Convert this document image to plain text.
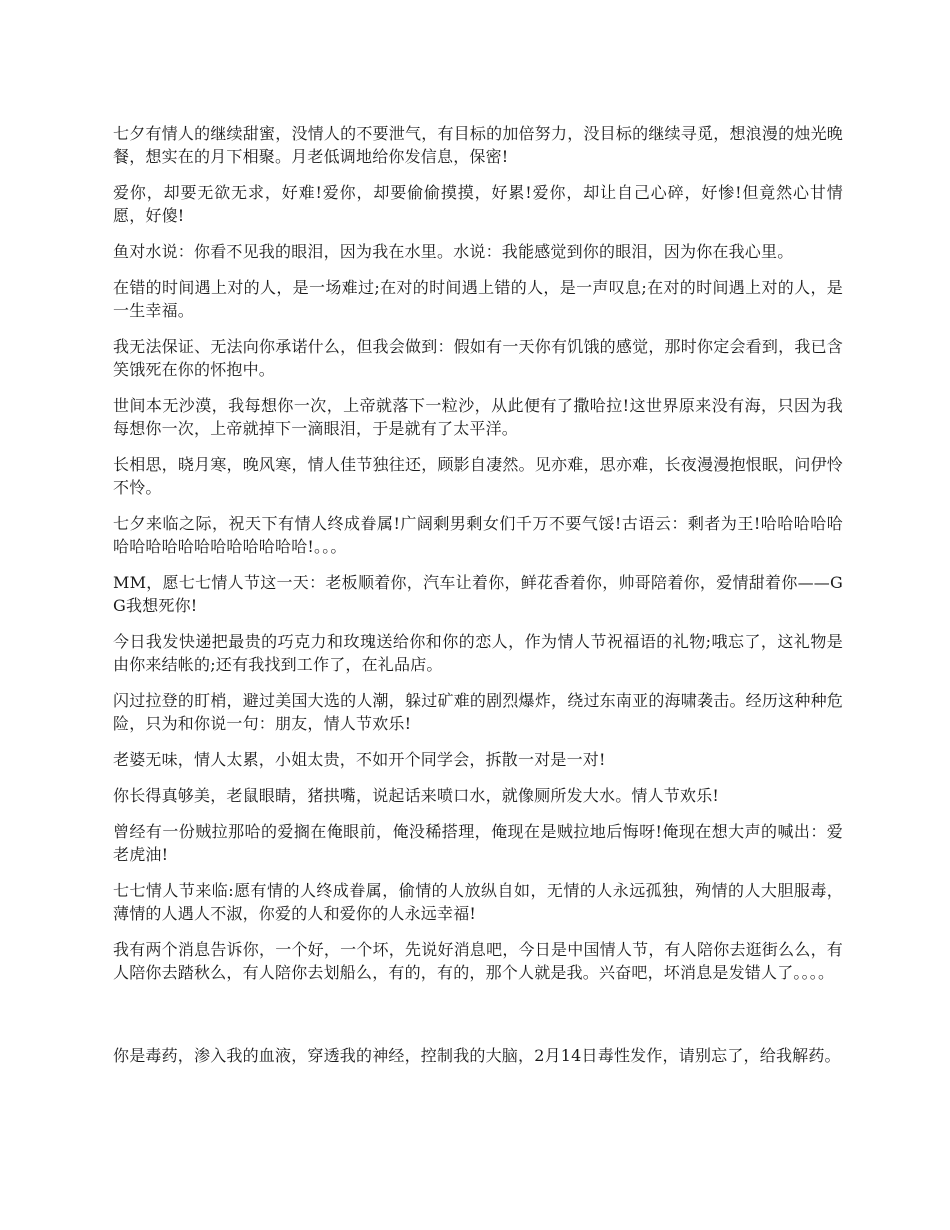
七夕有情人的继续甜蜜，没情人的不要泄气，有目标的加倍努力，没目标的继续寻觅，想浪漫的烛光晚餐，想实在的月下相聚。月老低调地给你发信息，保密!

爱你，却要无欲无求，好难!爱你，却要偷偷摸摸，好累!爱你，却让自己心碎，好惨!但竟然心甘情愿，好傻!

鱼对水说：你看不见我的眼泪，因为我在水里。水说：我能感觉到你的眼泪，因为你在我心里。

在错的时间遇上对的人，是一场难过;在对的时间遇上错的人，是一声叹息;在对的时间遇上对的人，是一生幸福。

我无法保证、无法向你承诺什么，但我会做到：假如有一天你有饥饿的感觉，那时你定会看到，我已含笑饿死在你的怀抱中。

世间本无沙漠，我每想你一次，上帝就落下一粒沙，从此便有了撒哈拉!这世界原来没有海，只因为我每想你一次，上帝就掉下一滴眼泪，于是就有了太平洋。

长相思，晓月寒，晚风寒，情人佳节独往还，顾影自凄然。见亦难，思亦难，长夜漫漫抱恨眠，问伊怜不怜。

七夕来临之际，祝天下有情人终成眷属!广阔剩男剩女们千万不要气馁!古语云：剩者为王!哈哈哈哈哈哈哈哈哈哈哈哈哈哈哈哈哈!。。。

MM，愿七七情人节这一天：老板顺着你，汽车让着你，鲜花香着你，帅哥陪着你，爱情甜着你——GG我想死你!

今日我发快递把最贵的巧克力和玫瑰送给你和你的恋人，作为情人节祝福语的礼物;哦忘了，这礼物是由你来结帐的;还有我找到工作了，在礼品店。

闪过拉登的盯梢，避过美国大选的人潮，躲过矿难的剧烈爆炸，绕过东南亚的海啸袭击。经历这种种危险，只为和你说一句：朋友，情人节欢乐!

老婆无味，情人太累，小姐太贵，不如开个同学会，拆散一对是一对!

你长得真够美，老鼠眼睛，猪拱嘴，说起话来喷口水，就像厕所发大水。情人节欢乐!

曾经有一份贼拉那哈的爱搁在俺眼前，俺没稀搭理，俺现在是贼拉地后悔呀!俺现在想大声的喊出：爱老虎油!

七七情人节来临:愿有情的人终成眷属，偷情的人放纵自如，无情的人永远孤独，殉情的人大胆服毒，薄情的人遇人不淑，你爱的人和爱你的人永远幸福!

我有两个消息告诉你，一个好，一个坏，先说好消息吧，今日是中国情人节，有人陪你去逛街么么，有人陪你去踏秋么，有人陪你去划船么，有的，有的，那个人就是我。兴奋吧，坏消息是发错人了。。。。

你是毒药，渗入我的血液，穿透我的神经，控制我的大脑，2月14日毒性发作，请别忘了，给我解药。
